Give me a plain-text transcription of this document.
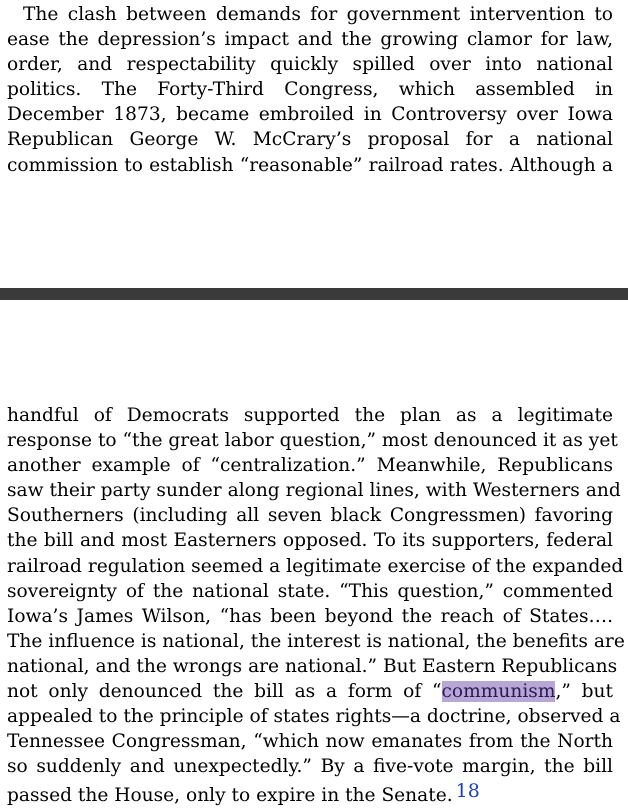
The clash between demands for government intervention to
ease the depression’s impact and the growing clamor for law,
order, and respectability quickly spilled over into national
politics. The Forty-Third Congress, which assembled in
December 1873, became embroiled in Controversy over Iowa
Republican George W. McCrary’s proposal for a national
commission to establish “reasonable” railroad rates. Although a
handful of Democrats supported the plan as a legitimate
response to “the great labor question,” most denounced it as yet
another example of “centralization.” Meanwhile, Republicans
saw their party sunder along regional lines, with Westerners and
Southerners (including all seven black Congressmen) favoring
the bill and most Easterners opposed. To its supporters, federal
railroad regulation seemed a legitimate exercise of the expanded
sovereignty of the national state. “This question,” commented
Iowa’s James Wilson, “has been beyond the reach of States….
The influence is national, the interest is national, the benefits are
national, and the wrongs are national.” But Eastern Republicans
not only denounced the bill as a form of “communism,” but
appealed to the principle of states rights—a doctrine, observed a
Tennessee Congressman, “which now emanates from the North
so suddenly and unexpectedly.” By a five-vote margin, the bill
passed the House, only to expire in the Senate. 18
